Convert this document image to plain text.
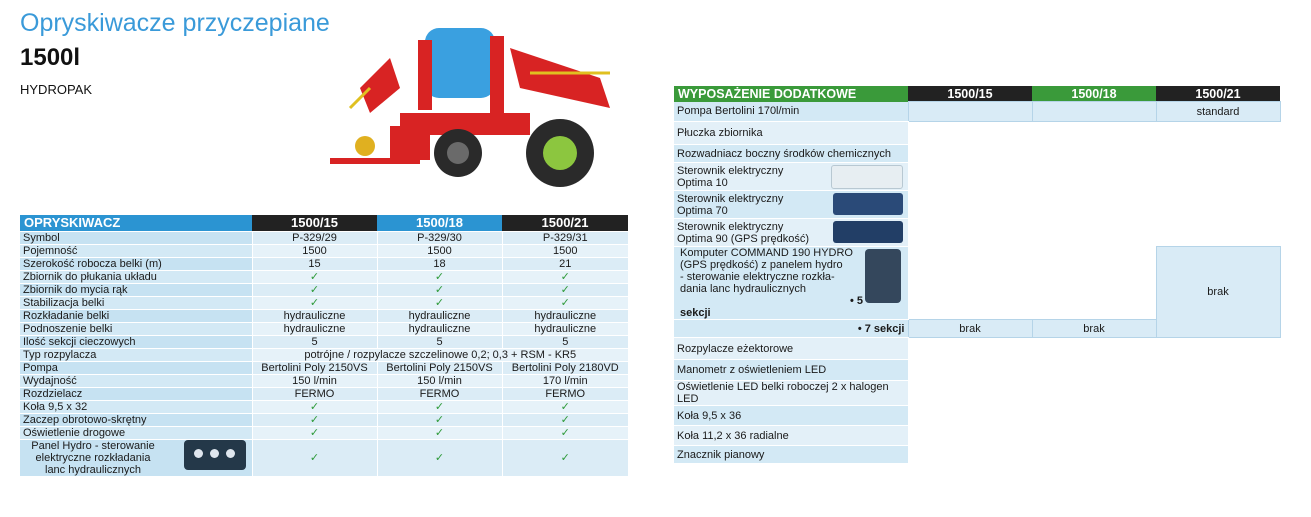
Opryskiwacze przyczepiane
1500l
HYDROPAK
OPRYSKIWACZ	1500/15	1500/18	1500/21
Symbol	P-329/29	P-329/30	P-329/31
Pojemność	1500	1500	1500
Szerokość robocza belki (m)	15	18	21
Zbiornik do płukania układu	✓	✓	✓
Zbiornik do mycia rąk	✓	✓	✓
Stabilizacja belki	✓	✓	✓
Rozkładanie belki	hydrauliczne	hydrauliczne	hydrauliczne
Podnoszenie belki	hydrauliczne	hydrauliczne	hydrauliczne
Ilość sekcji cieczowych	5	5	5
Typ rozpylacza	potrójne / rozpylacze szczelinowe 0,2; 0,3 + RSM - KR5		
Pompa	Bertolini Poly 2150VS	Bertolini Poly 2150VS	Bertolini Poly 2180VD
Wydajność	150 l/min	150 l/min	170 l/min
Rozdzielacz	FERMO	FERMO	FERMO
Koła 9,5 x 32	✓	✓	✓
Zaczep obrotowo-skrętny	✓	✓	✓
Oświetlenie drogowe	✓	✓	✓
Panel Hydro - sterowanie
elektryczne rozkładania
lanc hydraulicznych	✓	✓	✓
WYPOSAŻENIE DODATKOWE	1500/15	1500/18	1500/21
Pompa Bertolini 170l/min			standard
Płuczka zbiornika			
Rozwadniacz boczny środków chemicznych			

Sterownik elektryczny
Optima 10			

Sterownik elektryczny
Optima 70			

Sterownik elektryczny
Optima 90 (GPS prędkość)			

Komputer COMMAND 190 HYDRO
(GPS prędkość) z panelem hydro
- sterowanie elektryczne rozkła-
dania lanc hydraulicznych
• 5 sekcji			brak
• 7 sekcji	brak	brak	
Rozpylacze eżektorowe			
Manometr z oświetleniem LED			
Oświetlenie LED belki roboczej 2 x halogen LED			
Koła 9,5 x 36			
Koła 11,2 x 36 radialne			
Znacznik pianowy			
